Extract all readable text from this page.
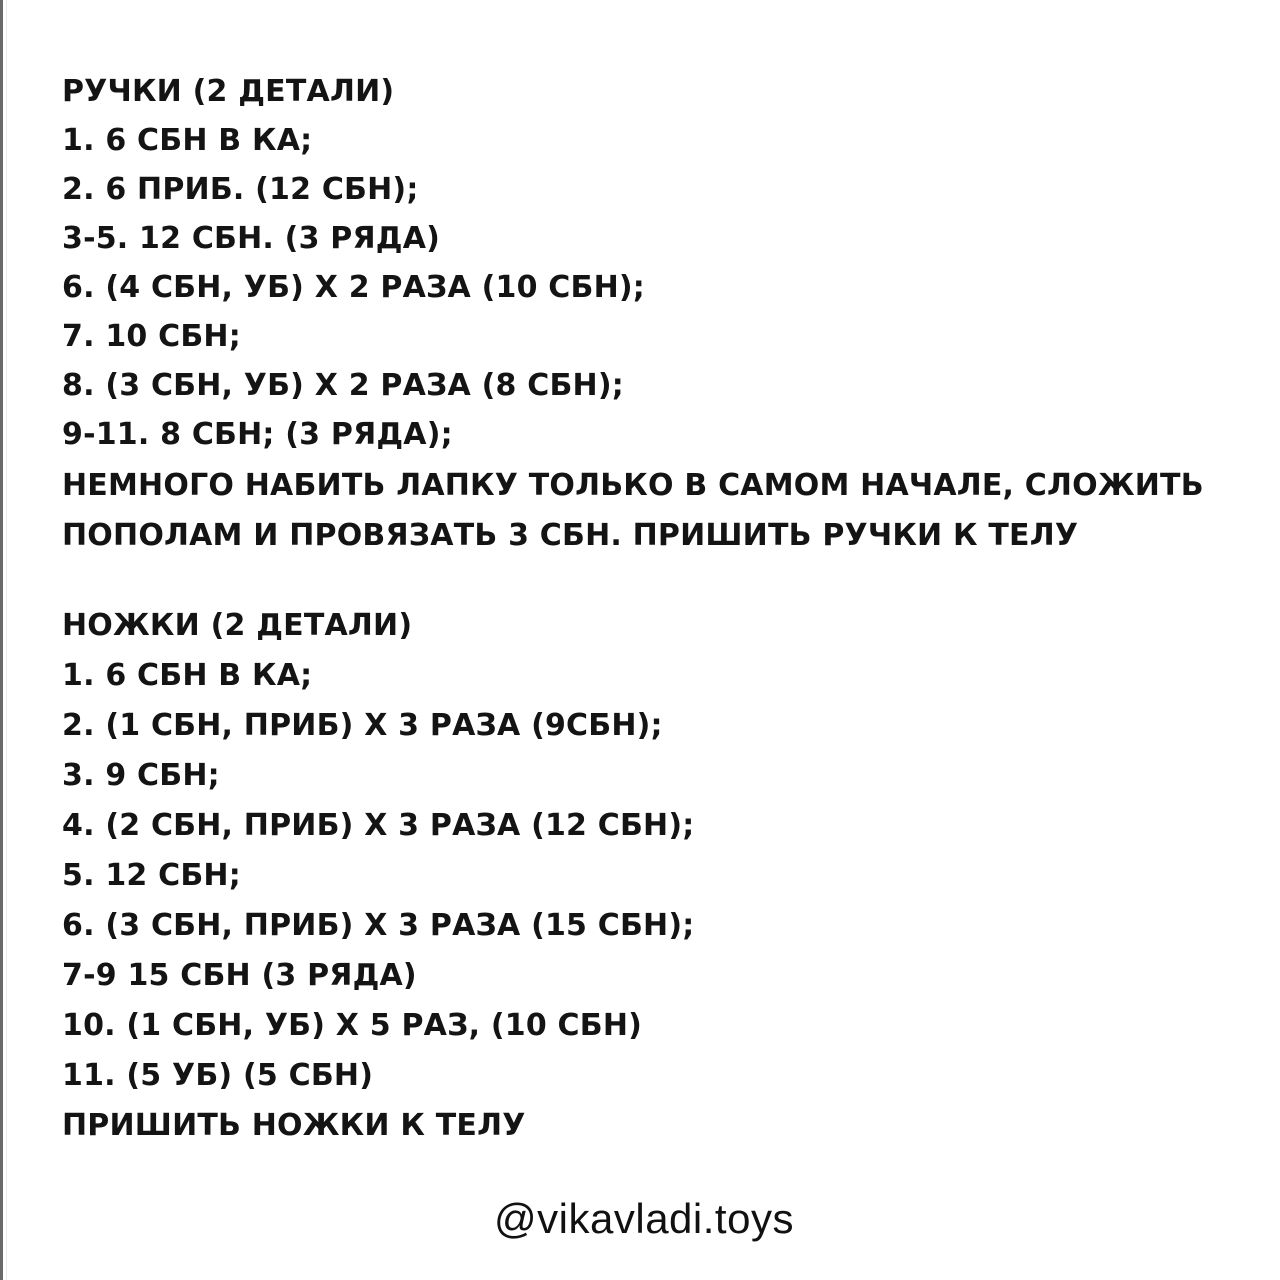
РУЧКИ (2 ДЕТАЛИ)
1. 6 СБН В КА;
2. 6 ПРИБ. (12 СБН);
3-5. 12 СБН. (3 РЯДА)
6. (4 СБН, УБ) Х 2 РАЗА (10 СБН);
7. 10 СБН;
8. (3 СБН, УБ) Х 2 РАЗА (8 СБН);
9-11. 8 СБН; (3 РЯДА);
НЕМНОГО НАБИТЬ ЛАПКУ ТОЛЬКО В САМОМ НАЧАЛЕ, СЛОЖИТЬ
ПОПОЛАМ И ПРОВЯЗАТЬ 3 СБН. ПРИШИТЬ РУЧКИ К ТЕЛУ
НОЖКИ (2 ДЕТАЛИ)
1. 6 СБН В КА;
2. (1 СБН, ПРИБ) Х 3 РАЗА (9СБН);
3. 9 СБН;
4. (2 СБН, ПРИБ) Х 3 РАЗА (12 СБН);
5. 12 СБН;
6. (3 СБН, ПРИБ) Х 3 РАЗА (15 СБН);
7-9 15 СБН (3 РЯДА)
10. (1 СБН, УБ) Х 5 РАЗ, (10 СБН)
11. (5 УБ) (5 СБН)
ПРИШИТЬ НОЖКИ К ТЕЛУ
@vikavladi.toys
